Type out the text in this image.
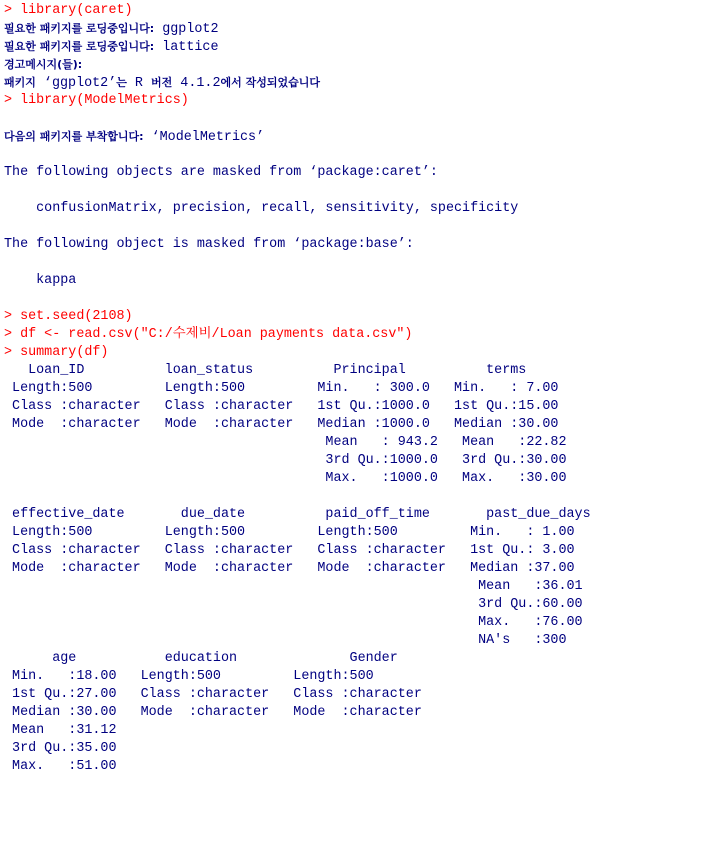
> library(caret)
필요한 패키지를 로딩중입니다: ggplot2
필요한 패키지를 로딩중입니다: lattice
경고메시지(들):
패키지 ‘ggplot2’는 R 버전 4.1.2에서 작성되었습니다
> library(ModelMetrics)
다음의 패키지를 부착합니다: ‘ModelMetrics’
The following objects are masked from ‘package:caret’:
confusionMatrix, precision, recall, sensitivity, specificity
The following object is masked from ‘package:base’:
kappa
> set.seed(2108)
> df <- read.csv("C:/수제비/Loan payments data.csv")
> summary(df)
Loan_ID          loan_status          Principal          terms
Length:500         Length:500         Min.   : 300.0   Min.   : 7.00
Class :character   Class :character   1st Qu.:1000.0   1st Qu.:15.00
Mode  :character   Mode  :character   Median :1000.0   Median :30.00
Mean   : 943.2   Mean   :22.82
3rd Qu.:1000.0   3rd Qu.:30.00
Max.   :1000.0   Max.   :30.00
effective_date       due_date          paid_off_time       past_due_days
Length:500         Length:500         Length:500         Min.   : 1.00
Class :character   Class :character   Class :character   1st Qu.: 3.00
Mode  :character   Mode  :character   Mode  :character   Median :37.00
Mean   :36.01
3rd Qu.:60.00
Max.   :76.00
NA's   :300
age           education              Gender
Min.   :18.00   Length:500         Length:500
1st Qu.:27.00   Class :character   Class :character
Median :30.00   Mode  :character   Mode  :character
Mean   :31.12
3rd Qu.:35.00
Max.   :51.00
